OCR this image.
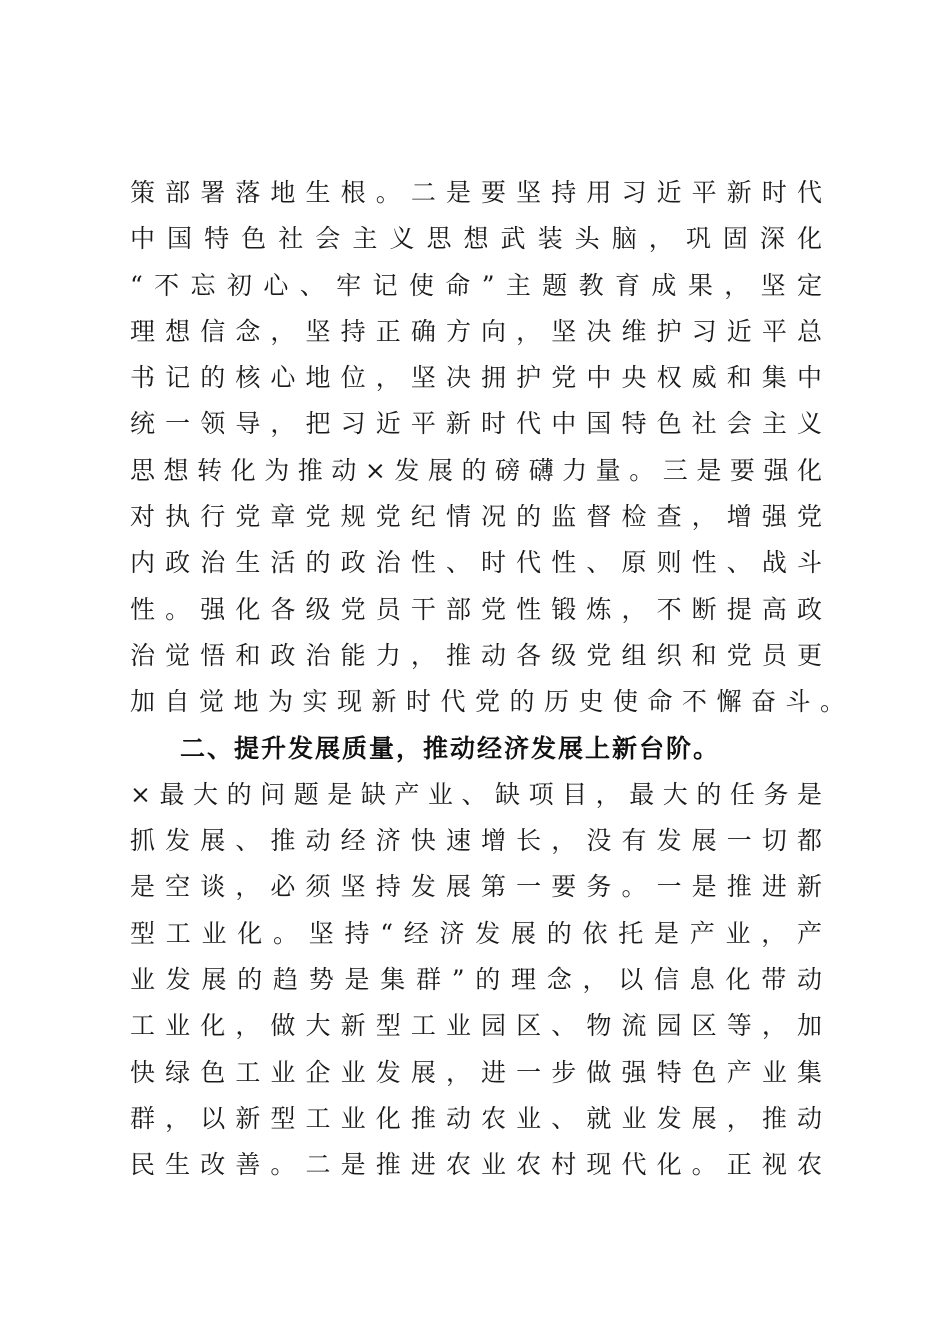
策部署落地生根。二是要坚持用习近平新时代
中国特色社会主义思想武装头脑，巩固深化
“不忘初心、牢记使命”主题教育成果，坚定
理想信念，坚持正确方向，坚决维护习近平总
书记的核心地位，坚决拥护党中央权威和集中
统一领导，把习近平新时代中国特色社会主义
思想转化为推动×发展的磅礴力量。三是要强化
对执行党章党规党纪情况的监督检查，增强党
内政治生活的政治性、时代性、原则性、战斗
性。强化各级党员干部党性锻炼，不断提高政
治觉悟和政治能力，推动各级党组织和党员更
加自觉地为实现新时代党的历史使命不懈奋斗。
二、提升发展质量，推动经济发展上新台阶。
×最大的问题是缺产业、缺项目，最大的任务是
抓发展、推动经济快速增长，没有发展一切都
是空谈，必须坚持发展第一要务。一是推进新
型工业化。坚持“经济发展的依托是产业，产
业发展的趋势是集群”的理念，以信息化带动
工业化，做大新型工业园区、物流园区等，加
快绿色工业企业发展，进一步做强特色产业集
群，以新型工业化推动农业、就业发展，推动
民生改善。二是推进农业农村现代化。正视农
